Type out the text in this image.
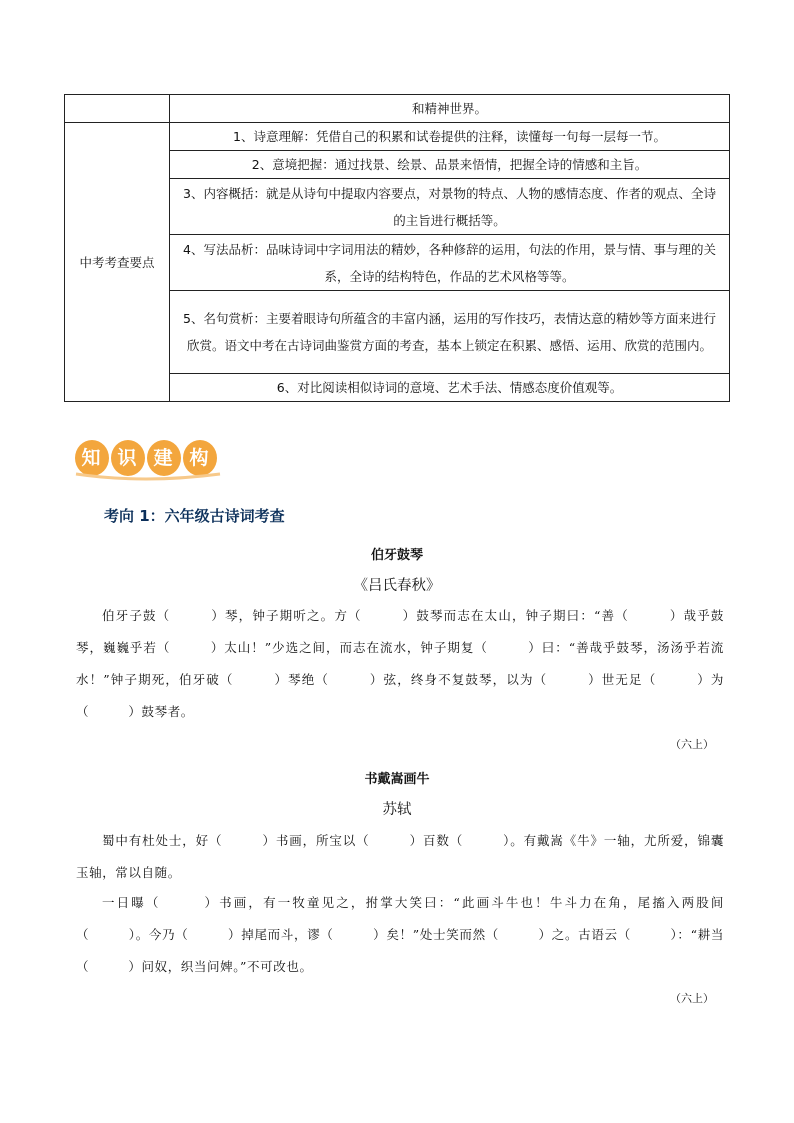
	和精神世界。
中考考查要点	1、诗意理解：凭借自己的积累和试卷提供的注释，读懂每一句每一层每一节。
	2、意境把握：通过找景、绘景、品景来悟情，把握全诗的情感和主旨。
	3、内容概括：就是从诗句中提取内容要点，对景物的特点、人物的感情态度、作者的观点、全诗的主旨进行概括等。
	4、写法品析：品味诗词中字词用法的精妙，各种修辞的运用，句法的作用，景与情、事与理的关系，全诗的结构特色，作品的艺术风格等等。
	5、名句赏析：主要着眼诗句所蕴含的丰富内涵，运用的写作技巧，表情达意的精妙等方面来进行欣赏。语文中考在古诗词曲鉴赏方面的考查，基本上锁定在积累、感悟、运用、欣赏的范围内。
	6、对比阅读相似诗词的意境、艺术手法、情感态度价值观等。
知 识 建 构
考向 1：六年级古诗词考查
伯牙鼓琴
《吕氏春秋》
伯牙子鼓（　　　）琴，钟子期听之。方（　　　）鼓琴而志在太山，钟子期曰：“善（　　　）哉乎鼓琴，巍巍乎若（　　　）太山！”少选之间，而志在流水，钟子期复（　　　）曰：“善哉乎鼓琴，汤汤乎若流水！”钟子期死，伯牙破（　　　）琴绝（　　　）弦，终身不复鼓琴，以为（　　　）世无足（　　　）为（　　　）鼓琴者。
（六上）
书戴嵩画牛
苏轼
蜀中有杜处士，好（　　　）书画，所宝以（　　　）百数（　　　）。有戴嵩《牛》一轴，尤所爱，锦囊玉轴，常以自随。
一日曝（　　　）书画，有一牧童见之，拊掌大笑曰：“此画斗牛也！牛斗力在角，尾搐入两股间（　　　）。今乃（　　　）掉尾而斗，谬（　　　）矣！”处士笑而然（　　　）之。古语云（　　　）：“耕当（　　　）问奴，织当问婢。”不可改也。
（六上）
